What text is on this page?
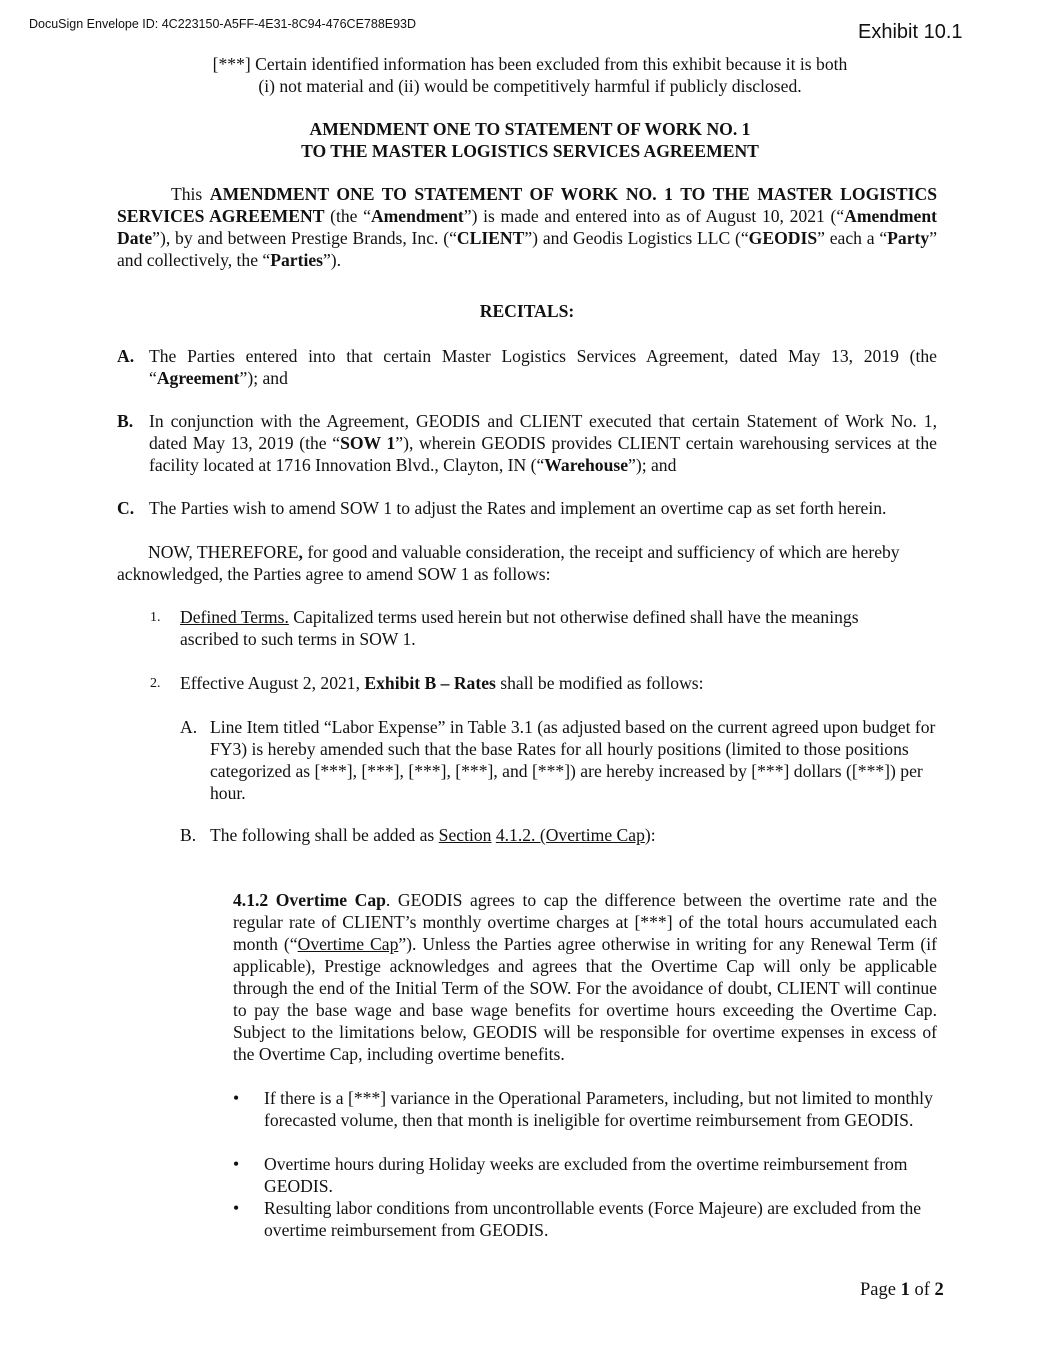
DocuSign Envelope ID: 4C223150-A5FF-4E31-8C94-476CE788E93D	Exhibit 10.1
[***] Certain identified information has been excluded from this exhibit because it is both
(i) not material and (ii) would be competitively harmful if publicly disclosed.
AMENDMENT ONE TO STATEMENT OF WORK NO. 1
TO THE MASTER LOGISTICS SERVICES AGREEMENT
This AMENDMENT ONE TO STATEMENT OF WORK NO. 1 TO THE MASTER LOGISTICS SERVICES AGREEMENT (the “Amendment”) is made and entered into as of August 10, 2021 (“Amendment Date”), by and between Prestige Brands, Inc. (“CLIENT”) and Geodis Logistics LLC (“GEODIS” each a “Party” and collectively, the “Parties”).
RECITALS:
A. The Parties entered into that certain Master Logistics Services Agreement, dated May 13, 2019 (the “Agreement”); and
B. In conjunction with the Agreement, GEODIS and CLIENT executed that certain Statement of Work No. 1, dated May 13, 2019 (the “SOW 1”), wherein GEODIS provides CLIENT certain warehousing services at the facility located at 1716 Innovation Blvd., Clayton, IN (“Warehouse”); and
C. The Parties wish to amend SOW 1 to adjust the Rates and implement an overtime cap as set forth herein.
NOW, THEREFORE, for good and valuable consideration, the receipt and sufficiency of which are hereby acknowledged, the Parties agree to amend SOW 1 as follows:
1. Defined Terms. Capitalized terms used herein but not otherwise defined shall have the meanings ascribed to such terms in SOW 1.
2. Effective August 2, 2021, Exhibit B – Rates shall be modified as follows:
A. Line Item titled “Labor Expense” in Table 3.1 (as adjusted based on the current agreed upon budget for FY3) is hereby amended such that the base Rates for all hourly positions (limited to those positions categorized as [***], [***], [***], [***], and [***]) are hereby increased by [***] dollars ([***]) per hour.
B. The following shall be added as Section 4.1.2. (Overtime Cap):
4.1.2 Overtime Cap. GEODIS agrees to cap the difference between the overtime rate and the regular rate of CLIENT’s monthly overtime charges at [***] of the total hours accumulated each month (“Overtime Cap”). Unless the Parties agree otherwise in writing for any Renewal Term (if applicable), Prestige acknowledges and agrees that the Overtime Cap will only be applicable through the end of the Initial Term of the SOW. For the avoidance of doubt, CLIENT will continue to pay the base wage and base wage benefits for overtime hours exceeding the Overtime Cap. Subject to the limitations below, GEODIS will be responsible for overtime expenses in excess of the Overtime Cap, including overtime benefits.
• If there is a [***] variance in the Operational Parameters, including, but not limited to monthly forecasted volume, then that month is ineligible for overtime reimbursement from GEODIS.
• Overtime hours during Holiday weeks are excluded from the overtime reimbursement from GEODIS.
• Resulting labor conditions from uncontrollable events (Force Majeure) are excluded from the overtime reimbursement from GEODIS.
Page 1 of 2
